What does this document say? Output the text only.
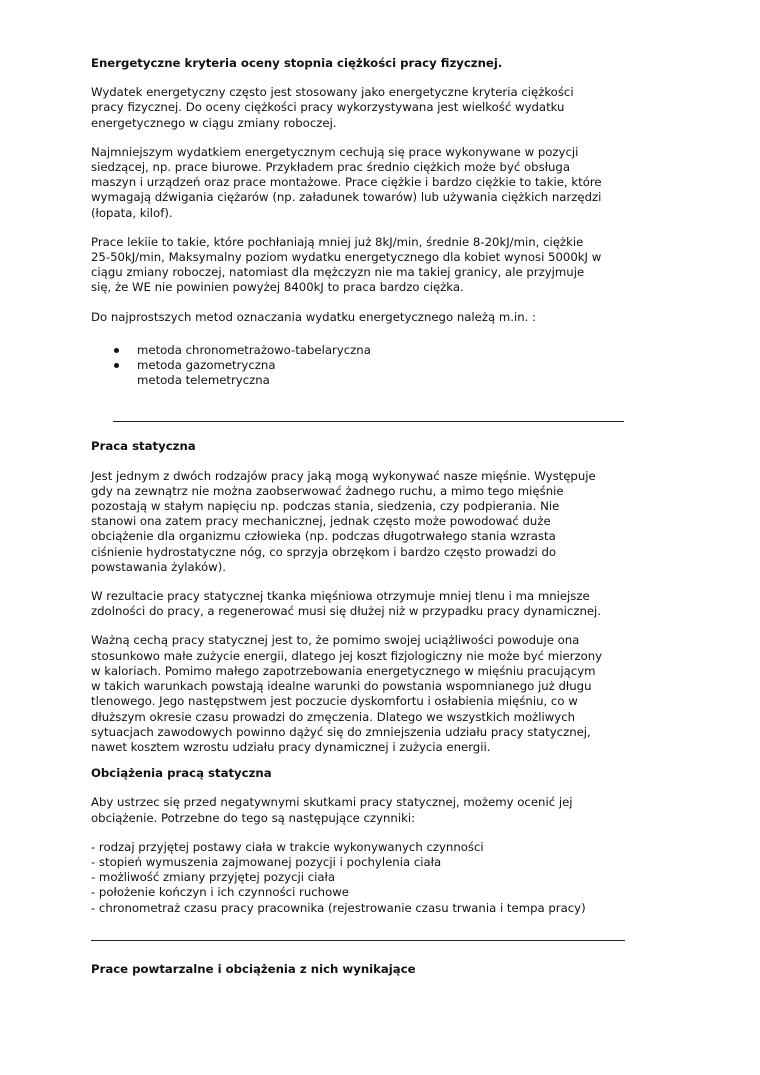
Energetyczne kryteria oceny stopnia ciężkości pracy fizycznej.

Wydatek energetyczny często jest stosowany jako energetyczne kryteria ciężkości
pracy fizycznej. Do oceny ciężkości pracy wykorzystywana jest wielkość wydatku
energetycznego w ciągu zmiany roboczej.

Najmniejszym wydatkiem energetycznym cechują się prace wykonywane w pozycji
siedzącej, np. prace biurowe. Przykładem prac średnio ciężkich może być obsługa
maszyn i urządzeń oraz prace montażowe. Prace ciężkie i bardzo ciężkie to takie, które
wymagają dźwigania ciężarów (np. załadunek towarów) lub używania ciężkich narzędzi
(łopata, kilof).

Prace lekiie to takie, które pochłaniają mniej już 8kJ/min, średnie 8-20kJ/min, ciężkie
25-50kJ/min, Maksymalny poziom wydatku energetycznego dla kobiet wynosi 5000kJ w
ciągu zmiany roboczej, natomiast dla mężczyzn nie ma takiej granicy, ale przyjmuje
się, że WE nie powinien powyżej 8400kJ to praca bardzo ciężka.

Do najprostszych metod oznaczania wydatku energetycznego należą m.in. :

metoda chronometrażowo-tabelaryczna
metoda gazometryczna
metoda telemetryczna

Praca statyczna

Jest jednym z dwóch rodzajów pracy jaką mogą wykonywać nasze mięśnie. Występuje
gdy na zewnątrz nie można zaobserwować żadnego ruchu, a mimo tego mięśnie
pozostają w stałym napięciu np. podczas stania, siedzenia, czy podpierania. Nie
stanowi ona zatem pracy mechanicznej, jednak często może powodować duże
obciążenie dla organizmu człowieka (np. podczas długotrwałego stania wzrasta
ciśnienie hydrostatyczne nóg, co sprzyja obrzękom i bardzo często prowadzi do
powstawania żylaków).

W rezultacie pracy statycznej tkanka mięśniowa otrzymuje mniej tlenu i ma mniejsze
zdolności do pracy, a regenerować musi się dłużej niż w przypadku pracy dynamicznej.

Ważną cechą pracy statycznej jest to, że pomimo swojej uciążliwości powoduje ona
stosunkowo małe zużycie energii, dlatego jej koszt fizjologiczny nie może być mierzony
w kaloriach. Pomimo małego zapotrzebowania energetycznego w mięśniu pracującym
w takich warunkach powstają idealne warunki do powstania wspomnianego już długu
tlenowego. Jego następstwem jest poczucie dyskomfortu i osłabienia mięśniu, co w
dłuższym okresie czasu prowadzi do zmęczenia. Dlatego we wszystkich możliwych
sytuacjach zawodowych powinno dążyć się do zmniejszenia udziału pracy statycznej,
nawet kosztem wzrostu udziału pracy dynamicznej i zużycia energii.

Obciążenia pracą statyczna

Aby ustrzec się przed negatywnymi skutkami pracy statycznej, możemy ocenić jej
obciążenie. Potrzebne do tego są następujące czynniki:

- rodzaj przyjętej postawy ciała w trakcie wykonywanych czynności
- stopień wymuszenia zajmowanej pozycji i pochylenia ciała
- możliwość zmiany przyjętej pozycji ciała
- położenie kończyn i ich czynności ruchowe
- chronometraż czasu pracy pracownika (rejestrowanie czasu trwania i tempa pracy)

Prace powtarzalne i obciążenia z nich wynikające
